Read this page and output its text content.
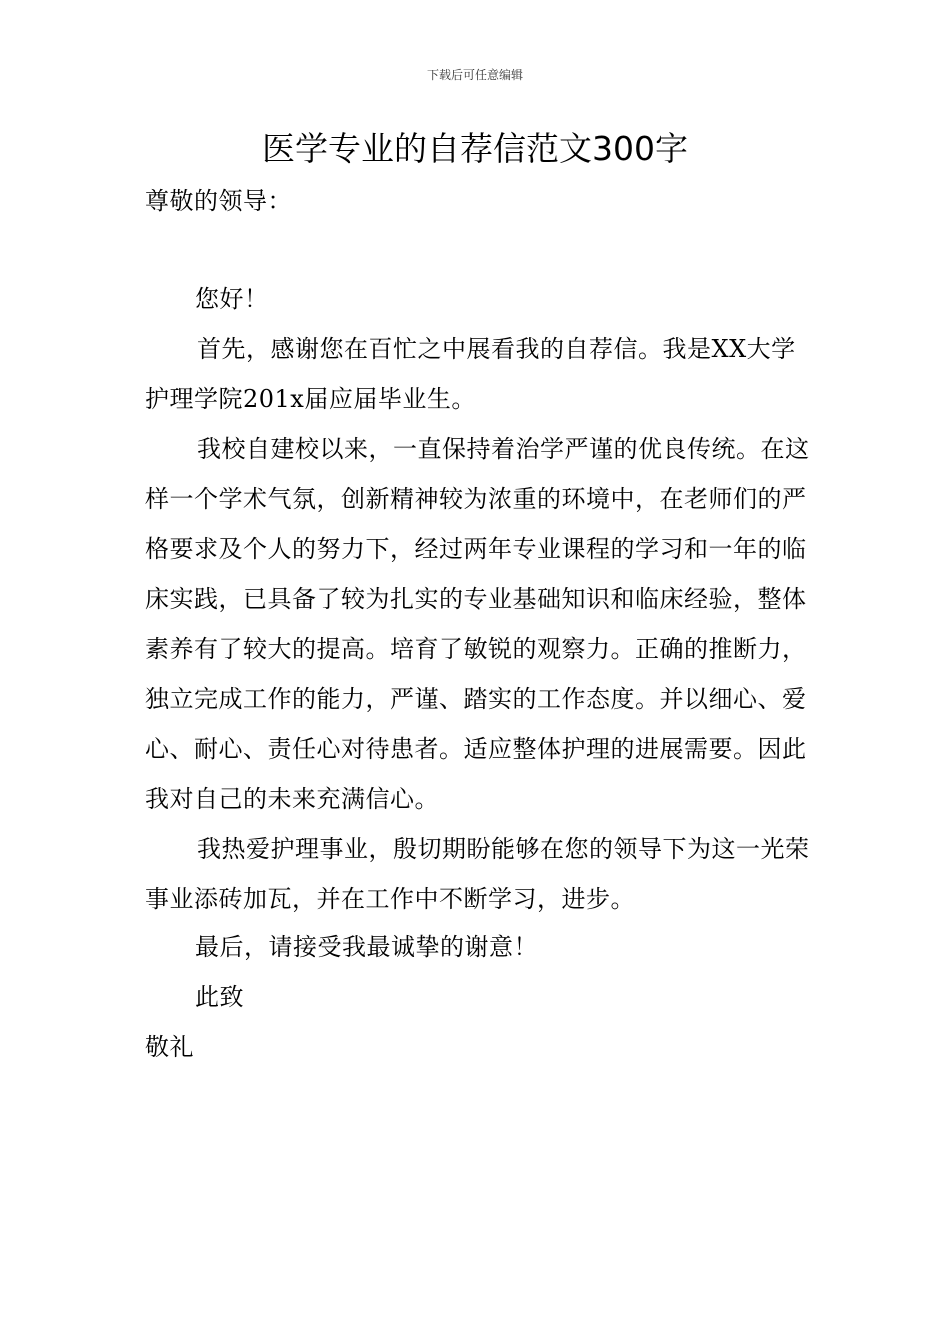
下载后可任意编辑
医学专业的自荐信范文300字

尊敬的领导：

您好！

首先，感谢您在百忙之中展看我的自荐信。我是XX大学护理学院201x届应届毕业生。

我校自建校以来，一直保持着治学严谨的优良传统。在这样一个学术气氛，创新精神较为浓重的环境中，在老师们的严格要求及个人的努力下，经过两年专业课程的学习和一年的临床实践，已具备了较为扎实的专业基础知识和临床经验，整体素养有了较大的提高。培育了敏锐的观察力。正确的推断力，独立完成工作的能力，严谨、踏实的工作态度。并以细心、爱心、耐心、责任心对待患者。适应整体护理的进展需要。因此我对自己的未来充满信心。

我热爱护理事业，殷切期盼能够在您的领导下为这一光荣事业添砖加瓦，并在工作中不断学习，进步。

最后，请接受我最诚挚的谢意！

此致

敬礼
